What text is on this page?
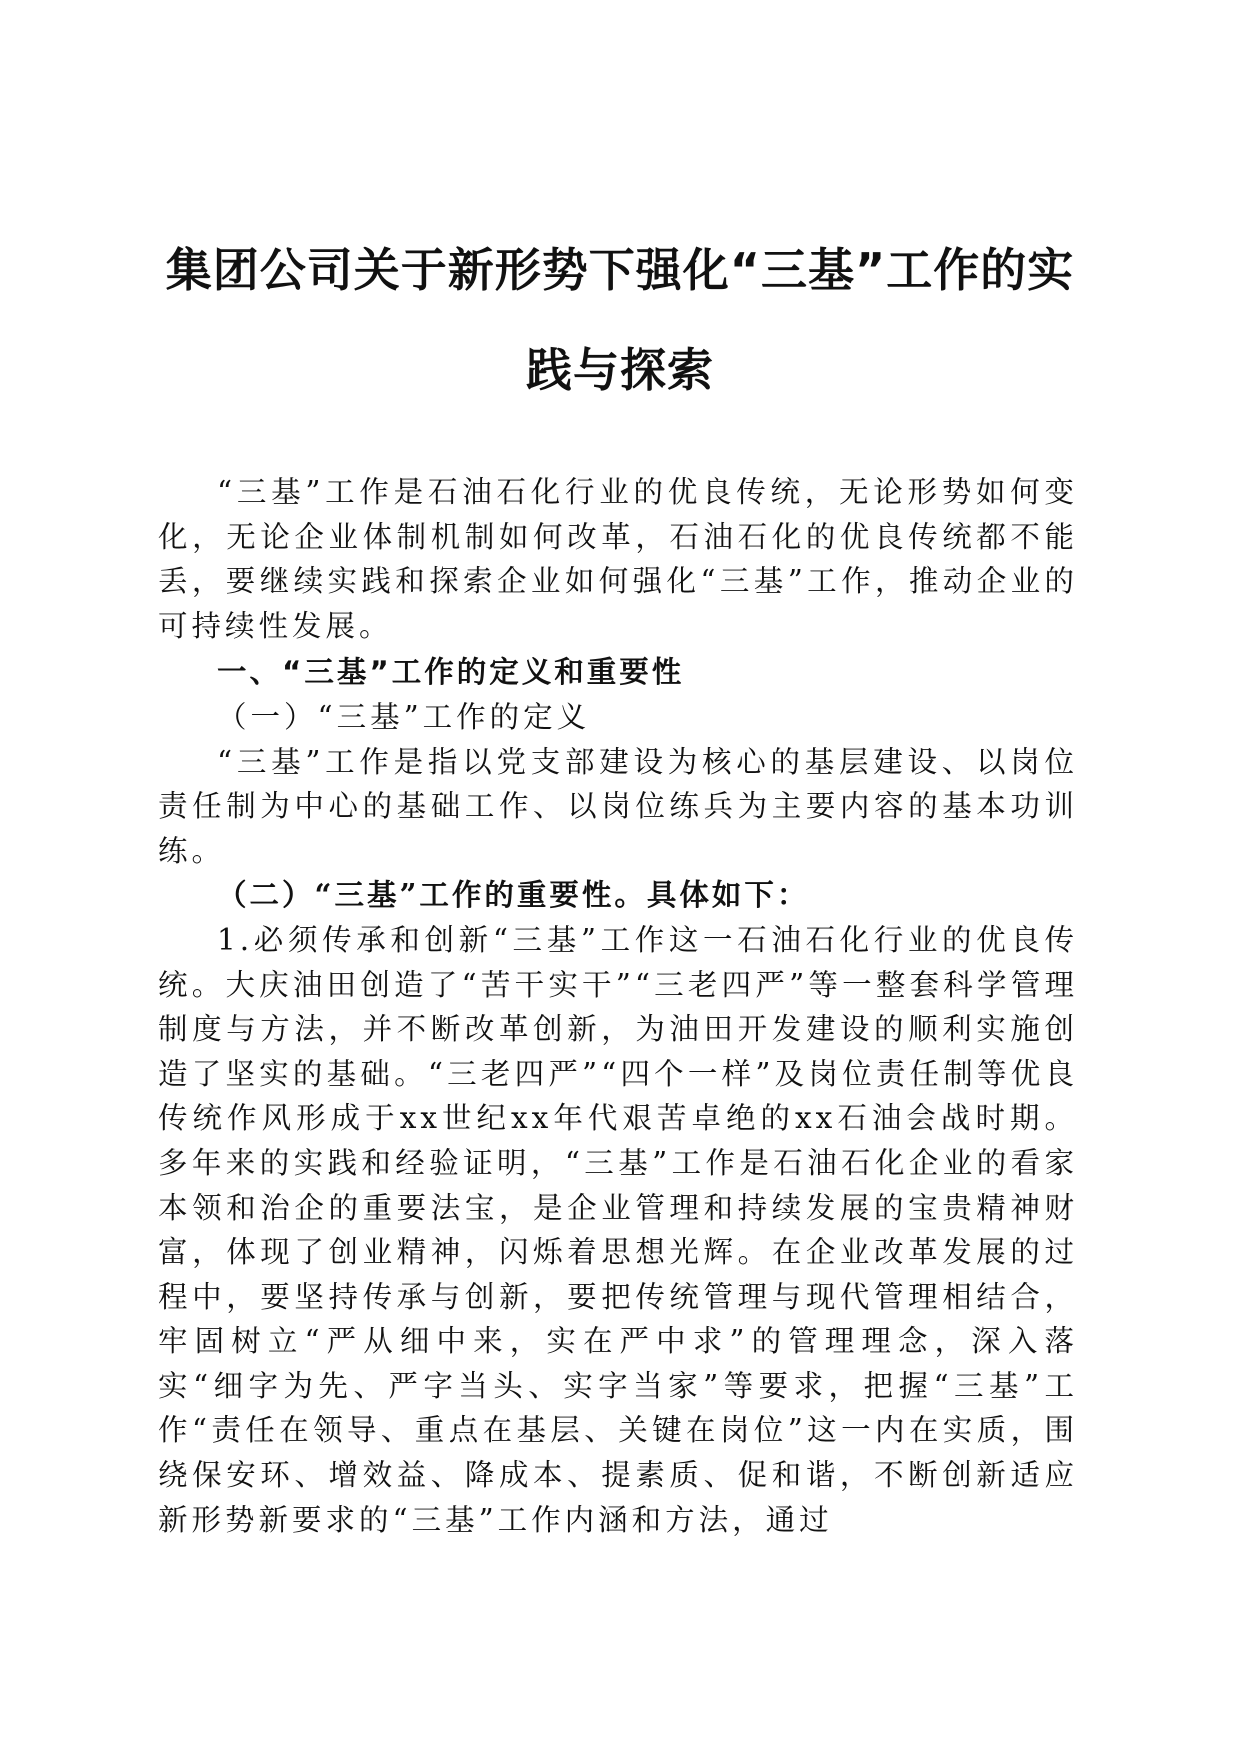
集团公司关于新形势下强化“三基”工作的实
践与探索

“三基”工作是石油石化行业的优良传统，无论形势如何变化，无论企业体制机制如何改革，石油石化的优良传统都不能丢，要继续实践和探索企业如何强化“三基”工作，推动企业的可持续性发展。

一、“三基”工作的定义和重要性

（一）“三基”工作的定义

“三基”工作是指以党支部建设为核心的基层建设、以岗位责任制为中心的基础工作、以岗位练兵为主要内容的基本功训练。

（二）“三基”工作的重要性。具体如下：

1.必须传承和创新“三基”工作这一石油石化行业的优良传统。大庆油田创造了“苦干实干”“三老四严”等一整套科学管理制度与方法，并不断改革创新，为油田开发建设的顺利实施创造了坚实的基础。“三老四严”“四个一样”及岗位责任制等优良传统作风形成于xx世纪xx年代艰苦卓绝的xx石油会战时期。多年来的实践和经验证明，“三基”工作是石油石化企业的看家本领和治企的重要法宝，是企业管理和持续发展的宝贵精神财富，体现了创业精神，闪烁着思想光辉。在企业改革发展的过程中，要坚持传承与创新，要把传统管理与现代管理相结合，牢固树立“严从细中来，实在严中求”的管理理念，深入落实“细字为先、严字当头、实字当家”等要求，把握“三基”工作“责任在领导、重点在基层、关键在岗位”这一内在实质，围绕保安环、增效益、降成本、提素质、促和谐，不断创新适应新形势新要求的“三基”工作内涵和方法，通过
